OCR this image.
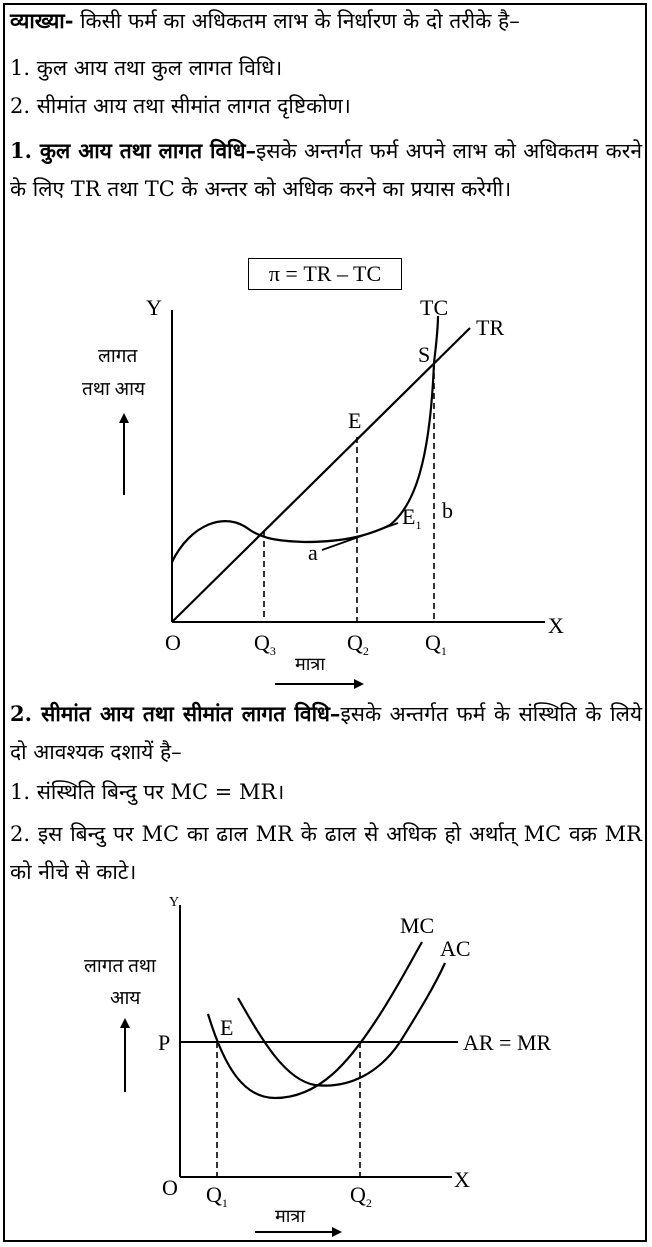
व्याख्या- किसी फर्म का अधिकतम लाभ के निर्धारण के दो तरीके है–
1. कुल आय तथा कुल लागत विधि।
2. सीमांत आय तथा सीमांत लागत दृष्टिकोण।
1. कुल आय तथा लागत विधि–इसके अन्तर्गत फर्म अपने लाभ को अधिकतम करने के लिए TR तथा TC के अन्तर को अधिक करने का प्रयास करेगी।
π = TR – TC
Y
X
O
लागत
तथा आय
मात्रा
TC
TR
S
E
$E_1$
a
b
$Q_3$	$Q_2$	$Q_1$
2. सीमांत आय तथा सीमांत लागत विधि–इसके अन्तर्गत फर्म के संस्थिति के लिये दो आवश्यक दशायें है–
1. संस्थिति बिन्दु पर MC = MR।
2. इस बिन्दु पर MC का ढाल MR के ढाल से अधिक हो अर्थात् MC वक्र MR को नीचे से काटे।
Y
X
O
लागत तथा
आय
मात्रा
P	AR = MR
MC
AC
E
$Q_1$	$Q_2$
